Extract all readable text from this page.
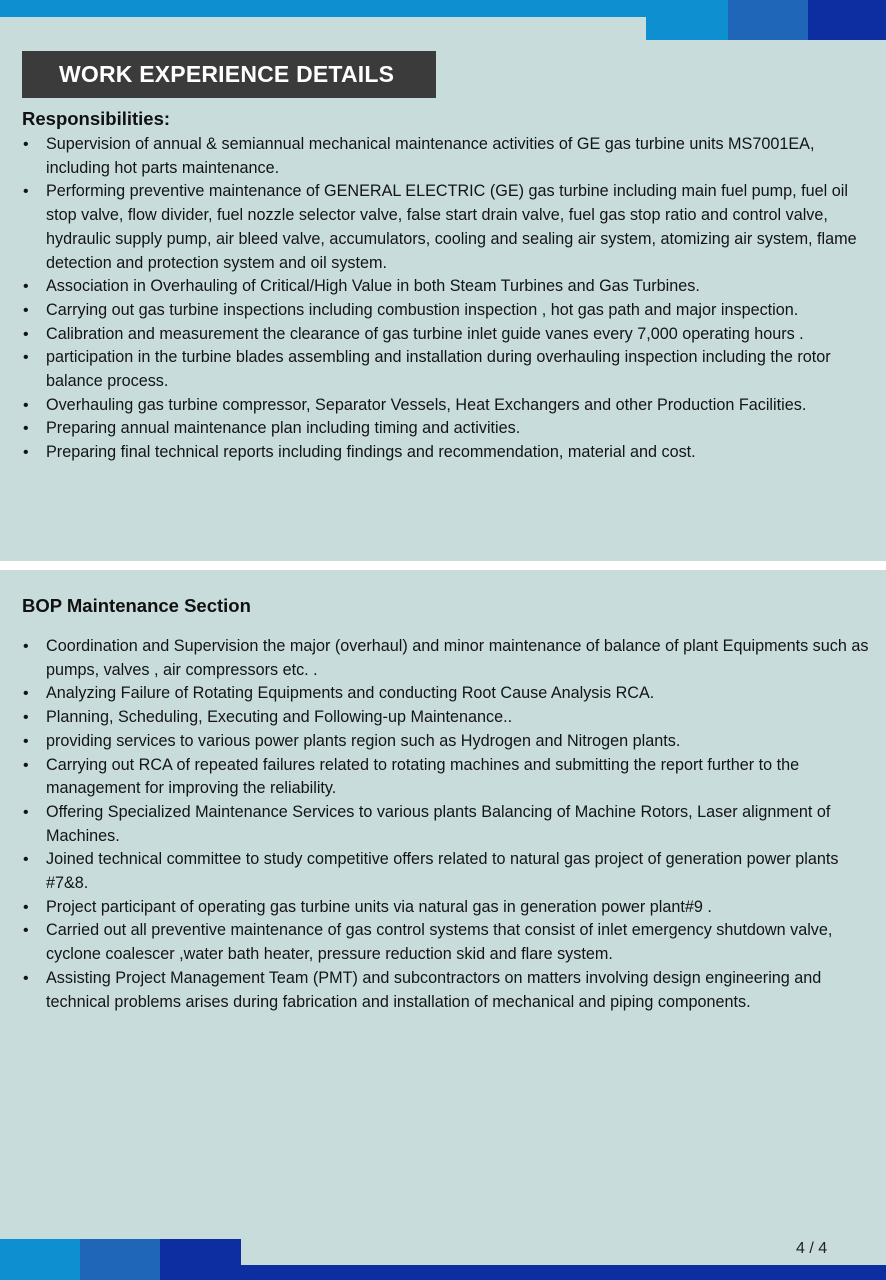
WORK EXPERIENCE DETAILS
Responsibilities:
• Supervision of annual & semiannual mechanical maintenance activities of GE gas turbine units MS7001EA, including hot parts maintenance.
• Performing preventive maintenance of GENERAL ELECTRIC (GE) gas turbine including main fuel pump, fuel oil stop valve, flow divider, fuel nozzle selector valve, false start drain valve, fuel gas stop ratio and control valve, hydraulic supply pump, air bleed valve, accumulators, cooling and sealing air system, atomizing air system, flame detection and protection system and oil system.
• Association in Overhauling of Critical/High Value in both Steam Turbines and Gas Turbines.
• Carrying out gas turbine inspections including combustion inspection , hot gas path and major inspection.
• Calibration and measurement the clearance of gas turbine inlet guide vanes every 7,000 operating hours .
• participation in the turbine blades assembling and installation during overhauling inspection including the rotor balance process.
• Overhauling gas turbine compressor, Separator Vessels, Heat Exchangers and other Production Facilities.
• Preparing annual maintenance plan including timing and activities.
• Preparing final technical reports including findings and recommendation, material and cost.
BOP Maintenance Section
• Coordination and Supervision the major (overhaul) and minor maintenance of balance of plant Equipments such as pumps, valves , air compressors etc. .
• Analyzing Failure of Rotating Equipments and conducting Root Cause Analysis RCA.
• Planning, Scheduling, Executing and Following-up Maintenance..
• providing services to various power plants region such as Hydrogen and Nitrogen plants.
• Carrying out RCA of repeated failures related to rotating machines and submitting the report further to the management for improving the reliability.
• Offering Specialized Maintenance Services to various plants Balancing of Machine Rotors, Laser alignment of Machines.
• Joined technical committee to study competitive offers related to natural gas project of generation power plants #7&8.
• Project participant of operating gas turbine units via natural gas in generation power plant#9 .
• Carried out all preventive maintenance of gas control systems that consist of inlet emergency shutdown valve, cyclone coalescer ,water bath heater, pressure reduction skid and flare system.
• Assisting Project Management Team (PMT) and subcontractors on matters involving design engineering and technical problems arises during fabrication and installation of mechanical and piping components.
4 / 4
